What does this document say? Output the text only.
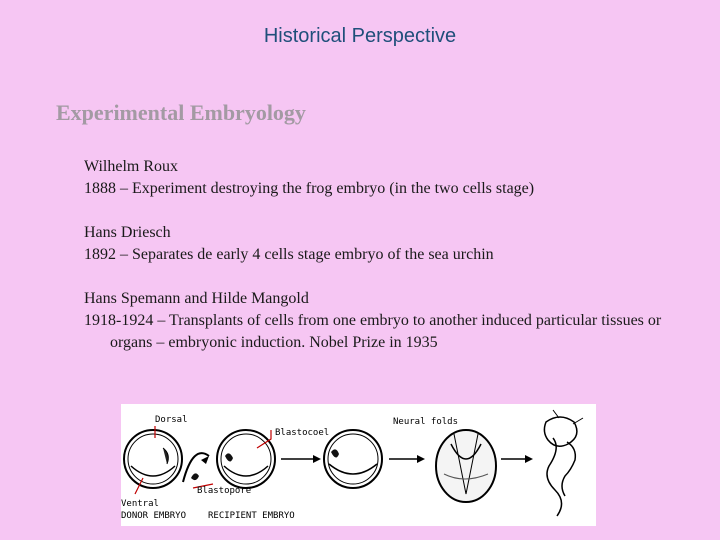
Historical Perspective
Experimental Embryology
Wilhelm Roux
1888 – Experiment destroying the frog embryo (in the two cells stage)
Hans Driesch
1892 – Separates de early 4 cells stage embryo of the sea urchin
Hans Spemann and Hilde Mangold
1918-1924 – Transplants of cells from one embryo to another induced particular tissues or organs – embryonic induction. Nobel Prize in 1935
Dorsal
Blastocoel
Neural folds
Blastopore
Ventral
DONOR EMBRYO RECIPIENT EMBRYO
